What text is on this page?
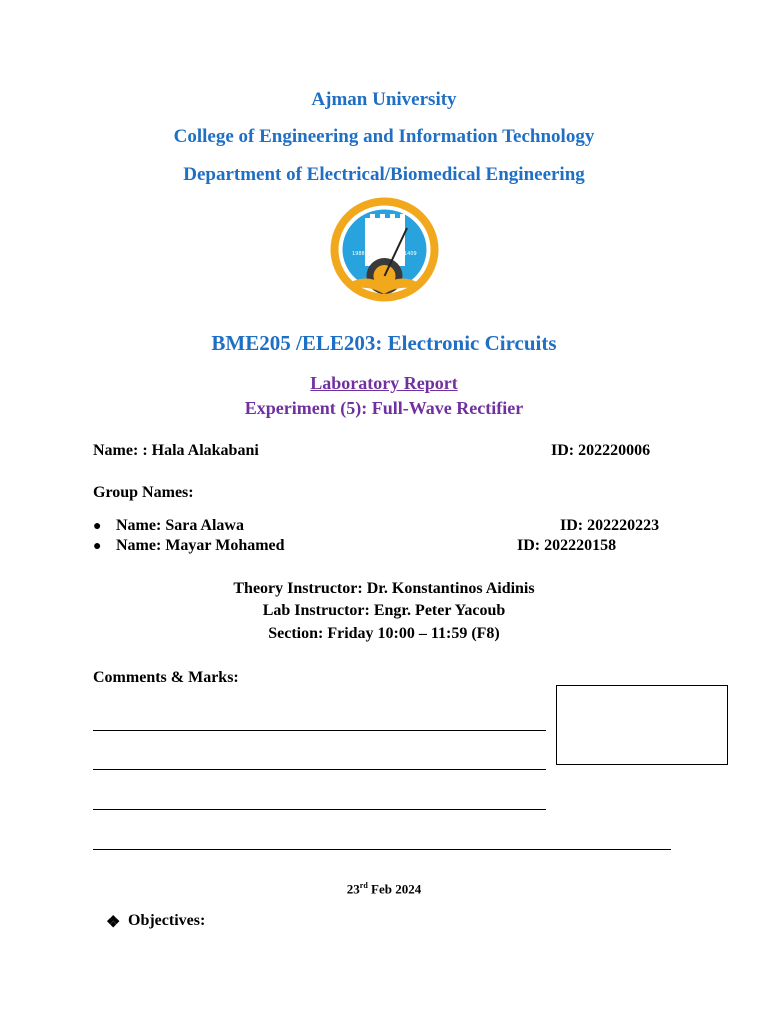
Ajman University
College of Engineering and Information Technology
Department of Electrical/Biomedical Engineering
1988	1409
BME205 /ELE203: Electronic Circuits
Laboratory Report
Experiment (5): Full-Wave Rectifier
Name: : Hala Alakabani	ID: 202220006
Group Names:
● Name: Sara Alawa	ID: 202220223
● Name: Mayar Mohamed	ID: 202220158
Theory Instructor: Dr. Konstantinos Aidinis
Lab Instructor: Engr. Peter Yacoub
Section: Friday 10:00 – 11:59 (F8)
Comments & Marks:
23rd Feb 2024
❖ Objectives:
